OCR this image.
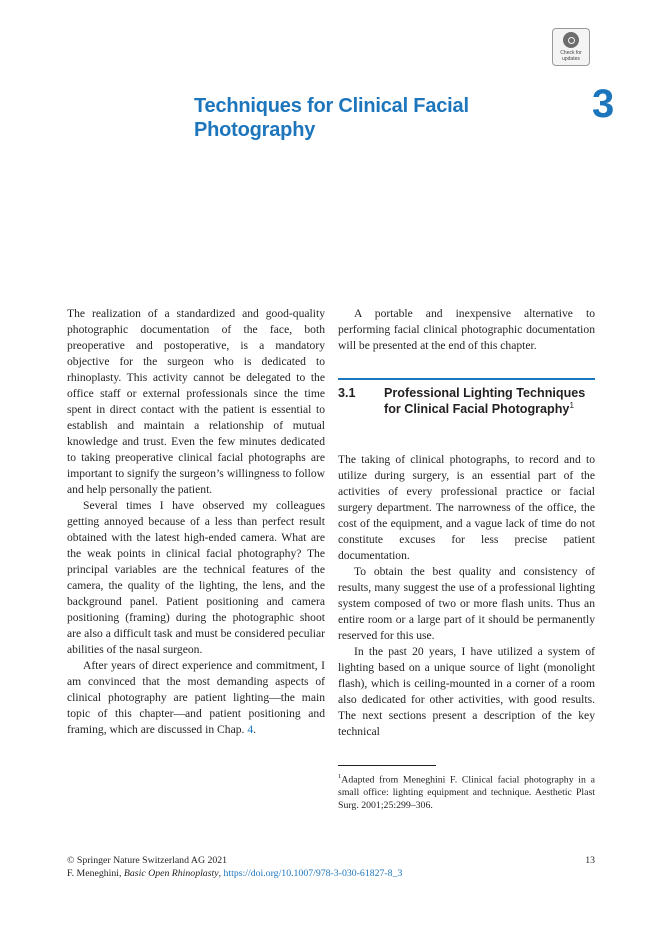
Check for updates
Techniques for Clinical Facial Photography
3

The realization of a standardized and good-quality photographic documentation of the face, both preoperative and postoperative, is a mandatory objective for the surgeon who is dedicated to rhinoplasty. This activity cannot be delegated to the office staff or external professionals since the time spent in direct contact with the patient is essential to establish and maintain a relationship of mutual knowledge and trust. Even the few minutes dedicated to taking preoperative clinical facial photographs are important to signify the surgeon’s willingness to follow and help personally the patient.

Several times I have observed my colleagues getting annoyed because of a less than perfect result obtained with the latest high-ended camera. What are the weak points in clinical facial photography? The principal variables are the technical features of the camera, the quality of the lighting, the lens, and the background panel. Patient positioning and camera positioning (framing) during the photographic shoot are also a difficult task and must be considered peculiar abilities of the nasal surgeon.

After years of direct experience and commitment, I am convinced that the most demanding aspects of clinical photography are patient lighting—the main topic of this chapter—and patient positioning and framing, which are discussed in Chap. 4.

A portable and inexpensive alternative to performing facial clinical photographic documentation will be presented at the end of this chapter.

3.1	Professional Lighting Techniques for Clinical Facial Photography$^1$

The taking of clinical photographs, to record and to utilize during surgery, is an essential part of the activities of every professional practice or facial surgery department. The narrowness of the office, the cost of the equipment, and a vague lack of time do not constitute excuses for less precise patient documentation.

To obtain the best quality and consistency of results, many suggest the use of a professional lighting system composed of two or more flash units. Thus an entire room or a large part of it should be permanently reserved for this use.

In the past 20 years, I have utilized a system of lighting based on a unique source of light (monolight flash), which is ceiling-mounted in a corner of a room also dedicated for other activities, with good results. The next sections present a description of the key technical

$^1$Adapted from Meneghini F. Clinical facial photography in a small office: lighting equipment and technique. Aesthetic Plast Surg. 2001;25:299–306.
© Springer Nature Switzerland AG 2021
F. Meneghini, Basic Open Rhinoplasty, https://doi.org/10.1007/978-3-030-61827-8_3
13
